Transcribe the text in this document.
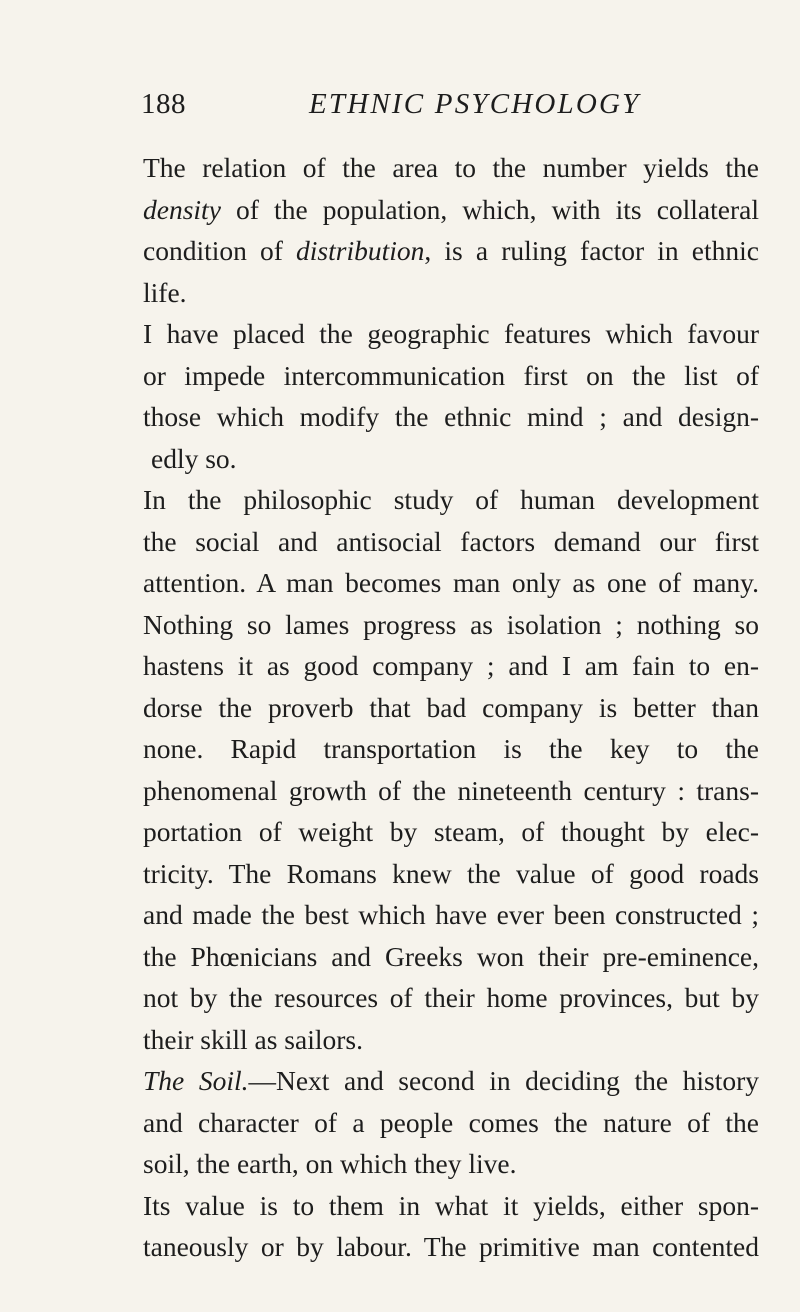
188	ETHNIC PSYCHOLOGY
The relation of the area to the number yields the
density of the population, which, with its collateral
condition of distribution, is a ruling factor in ethnic
life.
I have placed the geographic features which favour
or impede intercommunication first on the list of
those which modify the ethnic mind ; and design-
edly so.
In the philosophic study of human development
the social and antisocial factors demand our first
attention. A man becomes man only as one of many.
Nothing so lames progress as isolation ; nothing so
hastens it as good company ; and I am fain to en-
dorse the proverb that bad company is better than
none. Rapid transportation is the key to the
phenomenal growth of the nineteenth century : trans-
portation of weight by steam, of thought by elec-
tricity. The Romans knew the value of good roads
and made the best which have ever been constructed ;
the Phœnicians and Greeks won their pre-eminence,
not by the resources of their home provinces, but by
their skill as sailors.
The Soil.—Next and second in deciding the history
and character of a people comes the nature of the
soil, the earth, on which they live.
Its value is to them in what it yields, either spon-
taneously or by labour. The primitive man contented
